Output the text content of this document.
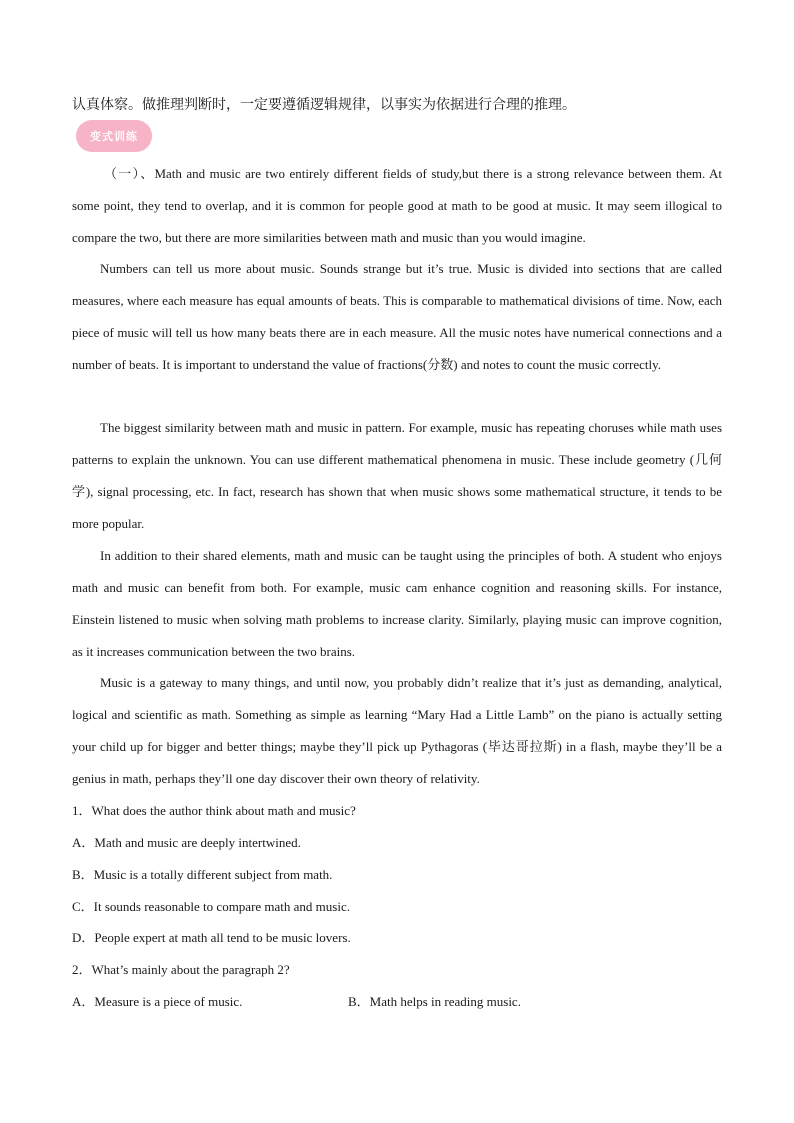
认真体察。做推理判断时，一定要遵循逻辑规律，以事实为依据进行合理的推理。
变式训练
（一）、Math and music are two entirely different fields of study,but there is a strong relevance between them. At some point, they tend to overlap, and it is common for people good at math to be good at music. It may seem illogical to compare the two, but there are more similarities between math and music than you would imagine.
Numbers can tell us more about music. Sounds strange but it’s true. Music is divided into sections that are called measures, where each measure has equal amounts of beats. This is comparable to mathematical divisions of time. Now, each piece of music will tell us how many beats there are in each measure. All the music notes have numerical connections and a number of beats. It is important to understand the value of fractions(分数) and notes to count the music correctly.
The biggest similarity between math and music in pattern. For example, music has repeating choruses while math uses patterns to explain the unknown. You can use different mathematical phenomena in music. These include geometry (几何学), signal processing, etc. In fact, research has shown that when music shows some mathematical structure, it tends to be more popular.
In addition to their shared elements, math and music can be taught using the principles of both. A student who enjoys math and music can benefit from both. For example, music cam enhance cognition and reasoning skills. For instance, Einstein listened to music when solving math problems to increase clarity. Similarly, playing music can improve cognition, as it increases communication between the two brains.
Music is a gateway to many things, and until now, you probably didn’t realize that it’s just as demanding, analytical, logical and scientific as math. Something as simple as learning “Mary Had a Little Lamb” on the piano is actually setting your child up for bigger and better things; maybe they’ll pick up Pythagoras (毕达哥拉斯) in a flash, maybe they’ll be a genius in math, perhaps they’ll one day discover their own theory of relativity.
1．What does the author think about math and music?
A．Math and music are deeply intertwined.
B．Music is a totally different subject from math.
C．It sounds reasonable to compare math and music.
D．People expert at math all tend to be music lovers.
2．What’s mainly about the paragraph 2?
A．Measure is a piece of music.	B．Math helps in reading music.
